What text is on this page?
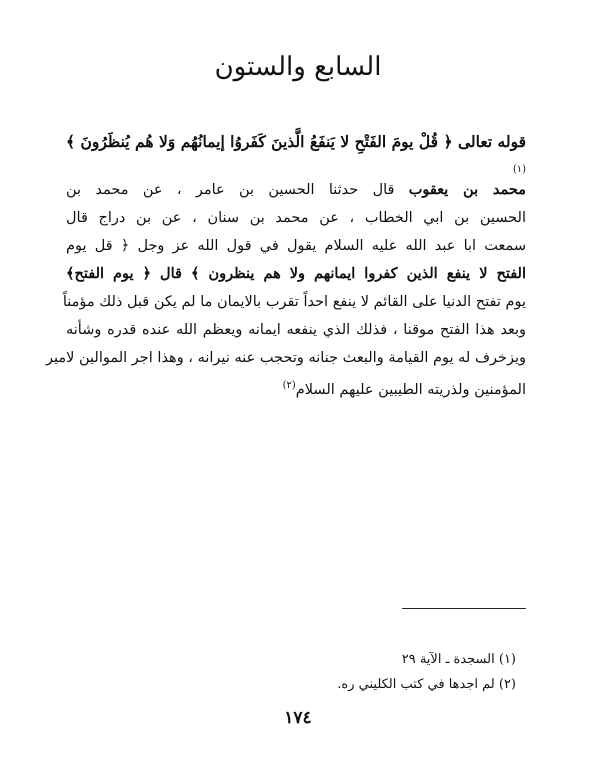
السابع والستون
قوله تعالى ﴿ قُلْ يومَ الفَتْحِ لا يَنفَعُ الَّذينَ كَفَروُا إيمانُهُم وَلا هُم يُنظَرُونَ ﴾$^{(١)}$
محمد بن يعقوب قال حدثنا الحسين بن عامر ، عن محمد بن
الحسين بن ابي الخطاب ، عن محمد بن سنان ، عن بن دراج قال
سمعت ابا عبد الله عليه السلام يقول في قول الله عز وجل ﴿ قل يوم
الفتح لا ينفع الذين كفروا ايمانهم ولا هم ينظرون ﴾ قال ﴿ يوم الفتح﴾
يوم تفتح الدنيا على القائم لا ينفع احداً تقرب بالايمان ما لم يكن قبل ذلك مؤمناً
وبعد هذا الفتح موقنا ، فذلك الذي ينفعه ايمانه ويعظم الله عنده قدره وشأنه
ويزخرف له يوم القيامة والبعث جنانه وتحجب عنه نيرانه ، وهذا اجر الموالين لامير
المؤمنين ولذريته الطيبين عليهم السلام$^{(٢)}$
(١) السجدة ـ الآية ٢٩
(٢) لم اجدها في كتب الكليني ره.
١٧٤
